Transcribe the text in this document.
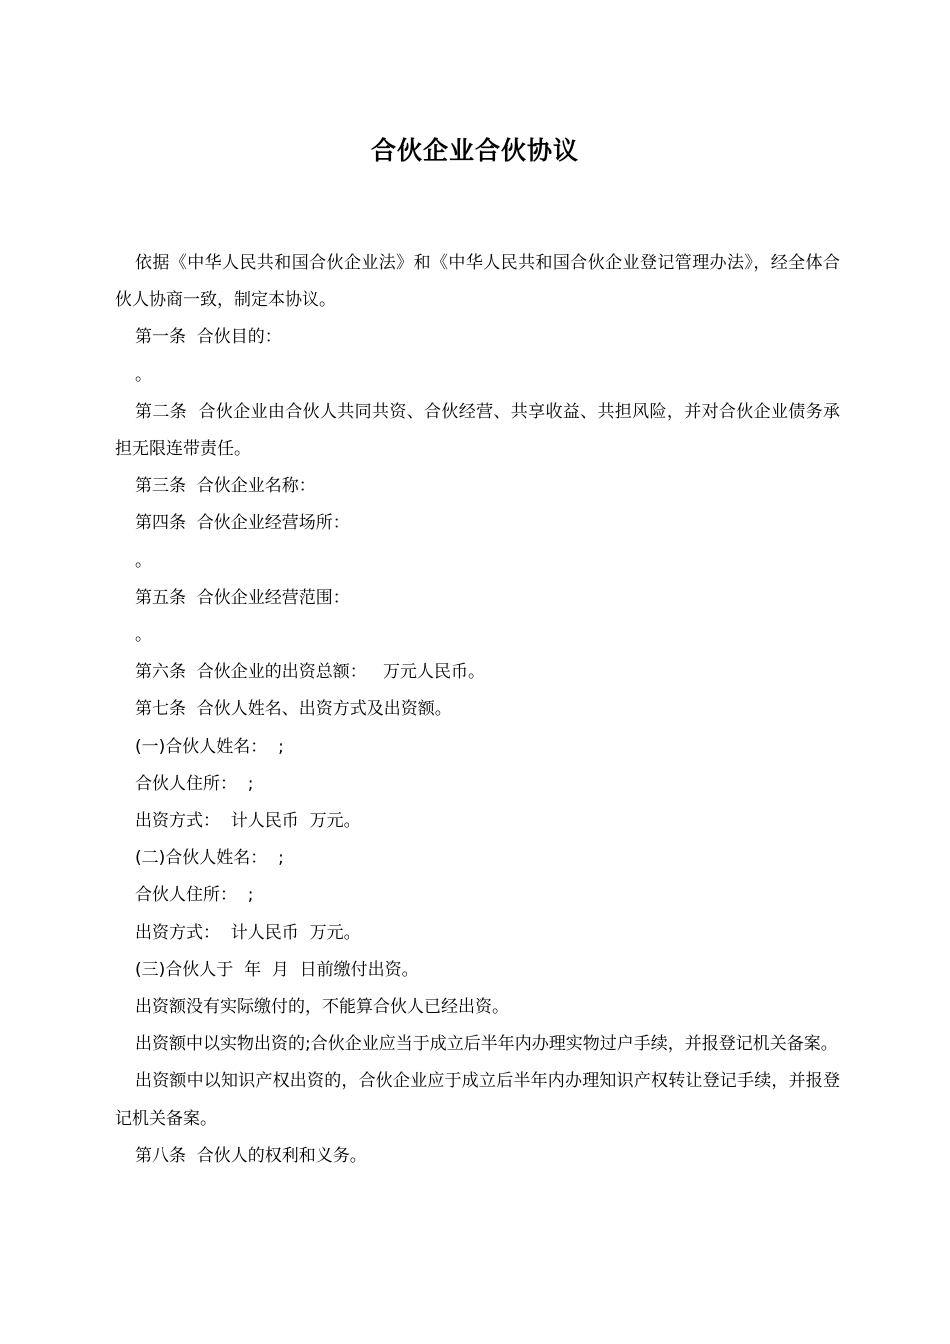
合伙企业合伙协议

依据《中华人民共和国合伙企业法》和《中华人民共和国合伙企业登记管理办法》，经全体合伙人协商一致，制定本协议。

第一条  合伙目的：

。

第二条  合伙企业由合伙人共同共资、合伙经营、共享收益、共担风险，并对合伙企业债务承担无限连带责任。

第三条  合伙企业名称：

第四条  合伙企业经营场所：

。

第五条  合伙企业经营范围：

。

第六条  合伙企业的出资总额：   万元人民币。

第七条  合伙人姓名、出资方式及出资额。

(一)合伙人姓名：  ;

合伙人住所：  ;

出资方式：  计人民币  万元。

(二)合伙人姓名：  ;

合伙人住所：  ;

出资方式：  计人民币  万元。

(三)合伙人于  年  月  日前缴付出资。

出资额没有实际缴付的，不能算合伙人已经出资。

出资额中以实物出资的;合伙企业应当于成立后半年内办理实物过户手续，并报登记机关备案。

出资额中以知识产权出资的，合伙企业应于成立后半年内办理知识产权转让登记手续，并报登记机关备案。

第八条  合伙人的权利和义务。
